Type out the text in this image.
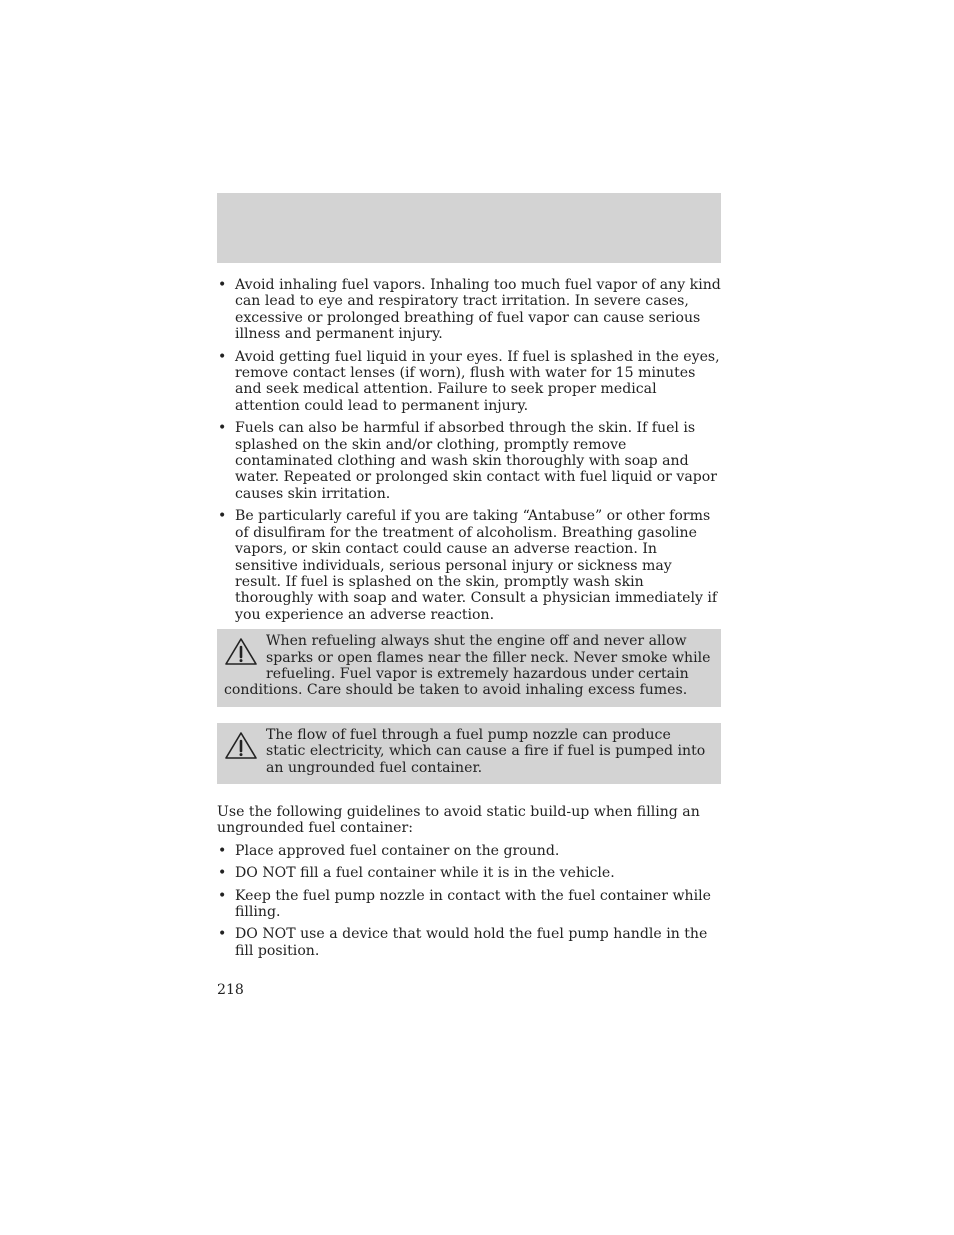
• Avoid inhaling fuel vapors. Inhaling too much fuel vapor of any kind can lead to eye and respiratory tract irritation. In severe cases, excessive or prolonged breathing of fuel vapor can cause serious illness and permanent injury.
• Avoid getting fuel liquid in your eyes. If fuel is splashed in the eyes, remove contact lenses (if worn), flush with water for 15 minutes and seek medical attention. Failure to seek proper medical attention could lead to permanent injury.
• Fuels can also be harmful if absorbed through the skin. If fuel is splashed on the skin and/or clothing, promptly remove contaminated clothing and wash skin thoroughly with soap and water. Repeated or prolonged skin contact with fuel liquid or vapor causes skin irritation.
• Be particularly careful if you are taking “Antabuse” or other forms of disulfiram for the treatment of alcoholism. Breathing gasoline vapors, or skin contact could cause an adverse reaction. In sensitive individuals, serious personal injury or sickness may result. If fuel is splashed on the skin, promptly wash skin thoroughly with soap and water. Consult a physician immediately if you experience an adverse reaction.
When refueling always shut the engine off and never allow sparks or open flames near the filler neck. Never smoke while refueling. Fuel vapor is extremely hazardous under certain conditions. Care should be taken to avoid inhaling excess fumes.
The flow of fuel through a fuel pump nozzle can produce static electricity, which can cause a fire if fuel is pumped into an ungrounded fuel container.

Use the following guidelines to avoid static build-up when filling an ungrounded fuel container:

• Place approved fuel container on the ground.
• DO NOT fill a fuel container while it is in the vehicle.
• Keep the fuel pump nozzle in contact with the fuel container while filling.
• DO NOT use a device that would hold the fuel pump handle in the fill position.
218
